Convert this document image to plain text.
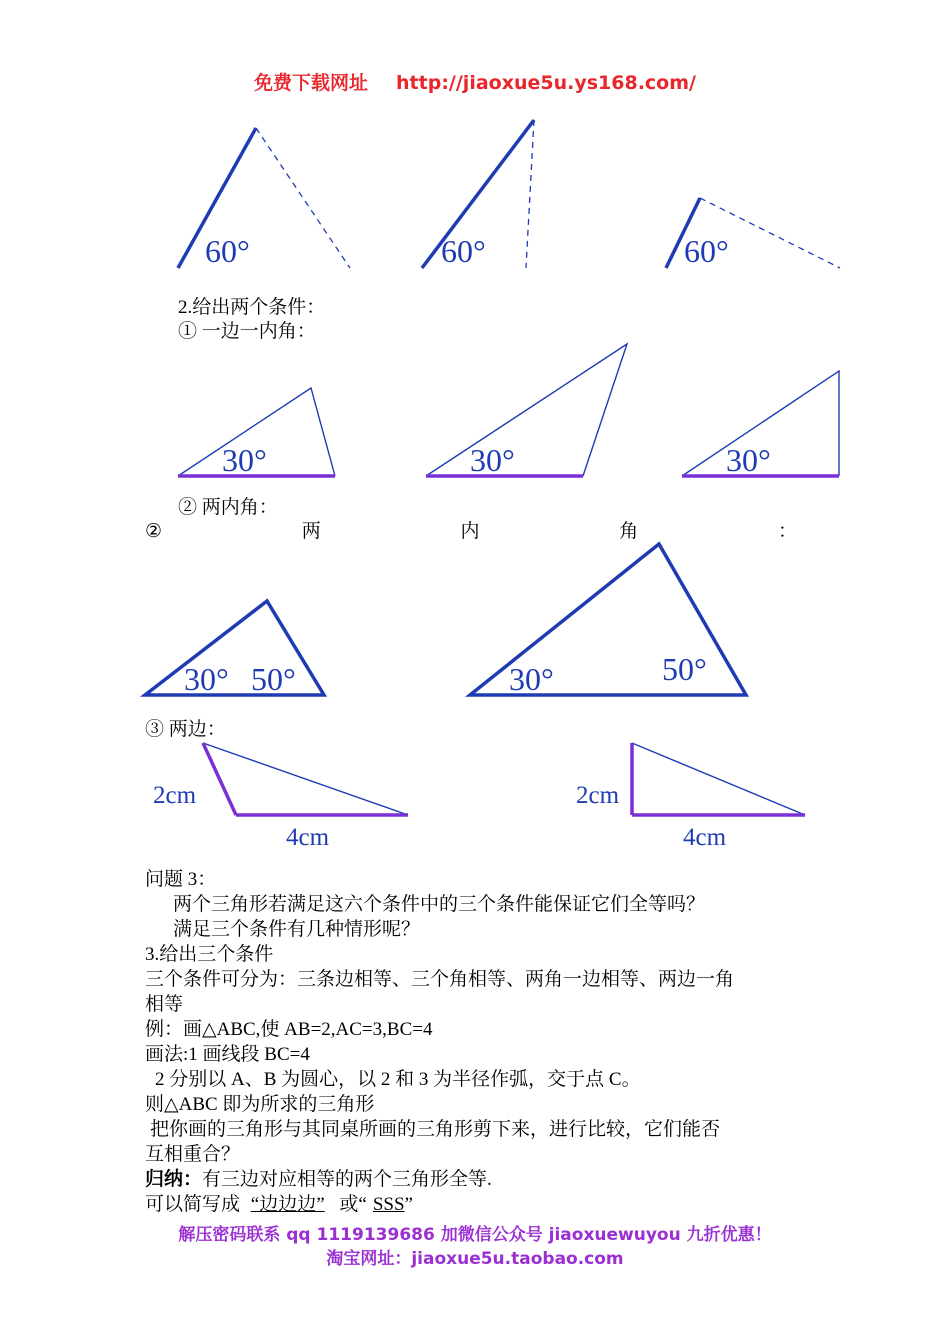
免费下载网址 http://jiaoxue5u.ys168.com/
60°	60°	60°
30°	30°	30°
30° 50°	30°	50°
2cm
4cm
2cm
4cm
2.给出两个条件：
① 一边一内角：
② 两内角：
②	两	内	角	：
③ 两边：
问题 3：
两个三角形若满足这六个条件中的三个条件能保证它们全等吗？
满足三个条件有几种情形呢？
3.给出三个条件
三个条件可分为：三条边相等、三个角相等、两角一边相等、两边一角
相等
例：画△ABC,使 AB=2,AC=3,BC=4
画法:1 画线段 BC=4
2 分别以 A、B 为圆心，以 2 和 3 为半径作弧，交于点 C。
则△ABC 即为所求的三角形
把你画的三角形与其同桌所画的三角形剪下来，进行比较，它们能否
互相重合？
归纳：有三边对应相等的两个三角形全等.
可以简写成 “边边边” 或“ SSS”
解压密码联系 qq 1119139686 加微信公众号 jiaoxuewuyou 九折优惠！
淘宝网址：jiaoxue5u.taobao.com
